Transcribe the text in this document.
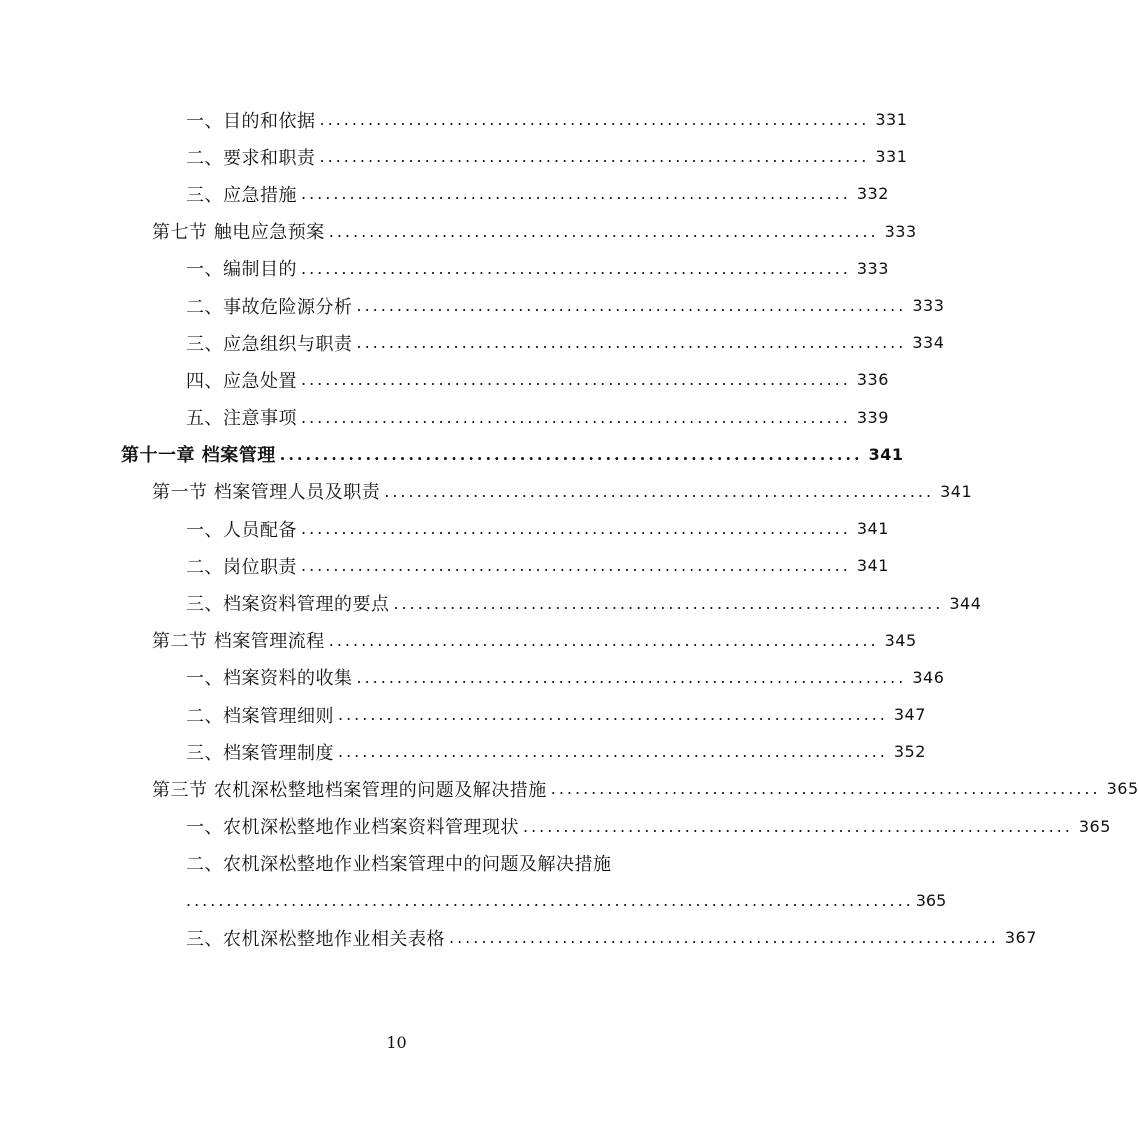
一、目的和依据 .................................................................... 331
二、要求和职责 .................................................................... 331
三、应急措施 .................................................................... 332
第七节 触电应急预案 .................................................................... 333
一、编制目的 .................................................................... 333
二、事故危险源分析 .................................................................... 333
三、应急组织与职责 .................................................................... 334
四、应急处置 .................................................................... 336
五、注意事项 .................................................................... 339
第十一章 档案管理 .................................................................... 341
第一节 档案管理人员及职责 .................................................................... 341
一、人员配备 .................................................................... 341
二、岗位职责 .................................................................... 341
三、档案资料管理的要点 .................................................................... 344
第二节 档案管理流程 .................................................................... 345
一、档案资料的收集 .................................................................... 346
二、档案管理细则 .................................................................... 347
三、档案管理制度 .................................................................... 352
第三节 农机深松整地档案管理的问题及解决措施 .................................................................... 365
一、农机深松整地作业档案资料管理现状 .................................................................... 365
二、农机深松整地作业档案管理中的问题及解决措施
.......................................................................................... 365
三、农机深松整地作业相关表格 .................................................................... 367
10
